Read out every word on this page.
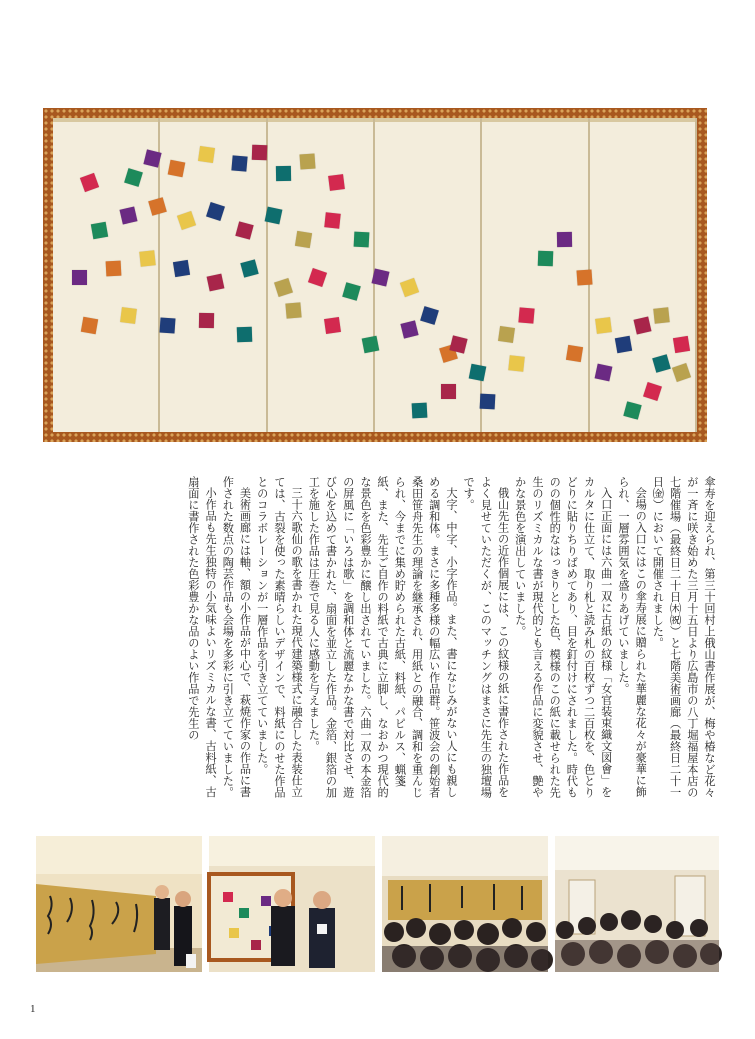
傘寿を迎えられ、第三十回村上俄山書作展が、梅や椿など花々が一斉に咲き始めた三月十五日より広島市の八丁堀福屋本店の七階催場（最終日二十日㈭㈷）と七階美術画廊（最終日二十一日㈮）において開催されました。

会場の入口にはこの傘寿展に贈られた華麗な花々が豪華に飾られ、一層雰囲気を盛りあげていました。

入口正面には六曲一双に古紙の紋様「女官装束織文図會」をカルタに仕立て、取り札と読み札の百枚ずつ二百枚を、色とりどりに貼りちりばめてあり、目を釘付けにされました。時代ものの個性的なはっきりとした色、模様のこの紙に載せられた先生のリズミカルな書が現代的とも言える作品に変貌させ、艶やかな景色を演出していました。

俄山先生の近作個展には、この紋様の紙に書作された作品をよく見せていただくが、このマッチングはまさに先生の独壇場です。

大字、中字、小字作品。また、書になじみがない人にも親しめる調和体。まさに多種多様の幅広い作品群。笹波会の創始者桑田笹舟先生の理論を継承され、用紙との融合、調和を重んじられ、今までに集め貯められた古紙、料紙、パピルス、蝋箋紙、また、先生ご自作の料紙で古典に立脚し、なおかつ現代的な景色を色彩豊かに醸し出されていました。六曲一双の本金箔の屏風に「いろは歌」を調和体と流麗なかな書で対比させ、遊び心を込めて書かれた、扇面を並立した作品。金箔、銀箔の加工を施した作品は圧巻で見る人に感動を与えました。

三十六歌仙の歌を書かれた現代建築様式に融合した表装仕立ては、古裂を使った素晴らしいデザインで、料紙にのせた作品とのコラボレーションが一層作品を引き立てていました。

美術画廊には軸、額の小作品が中心で、萩焼作家の作品に書作された数点の陶芸作品も会場を多彩に引き立てていました。

小作品も先生独特の小気味よいリズミカルな書、古料紙、古扇面に書作された色彩豊かな品のよい作品で先生の

1
